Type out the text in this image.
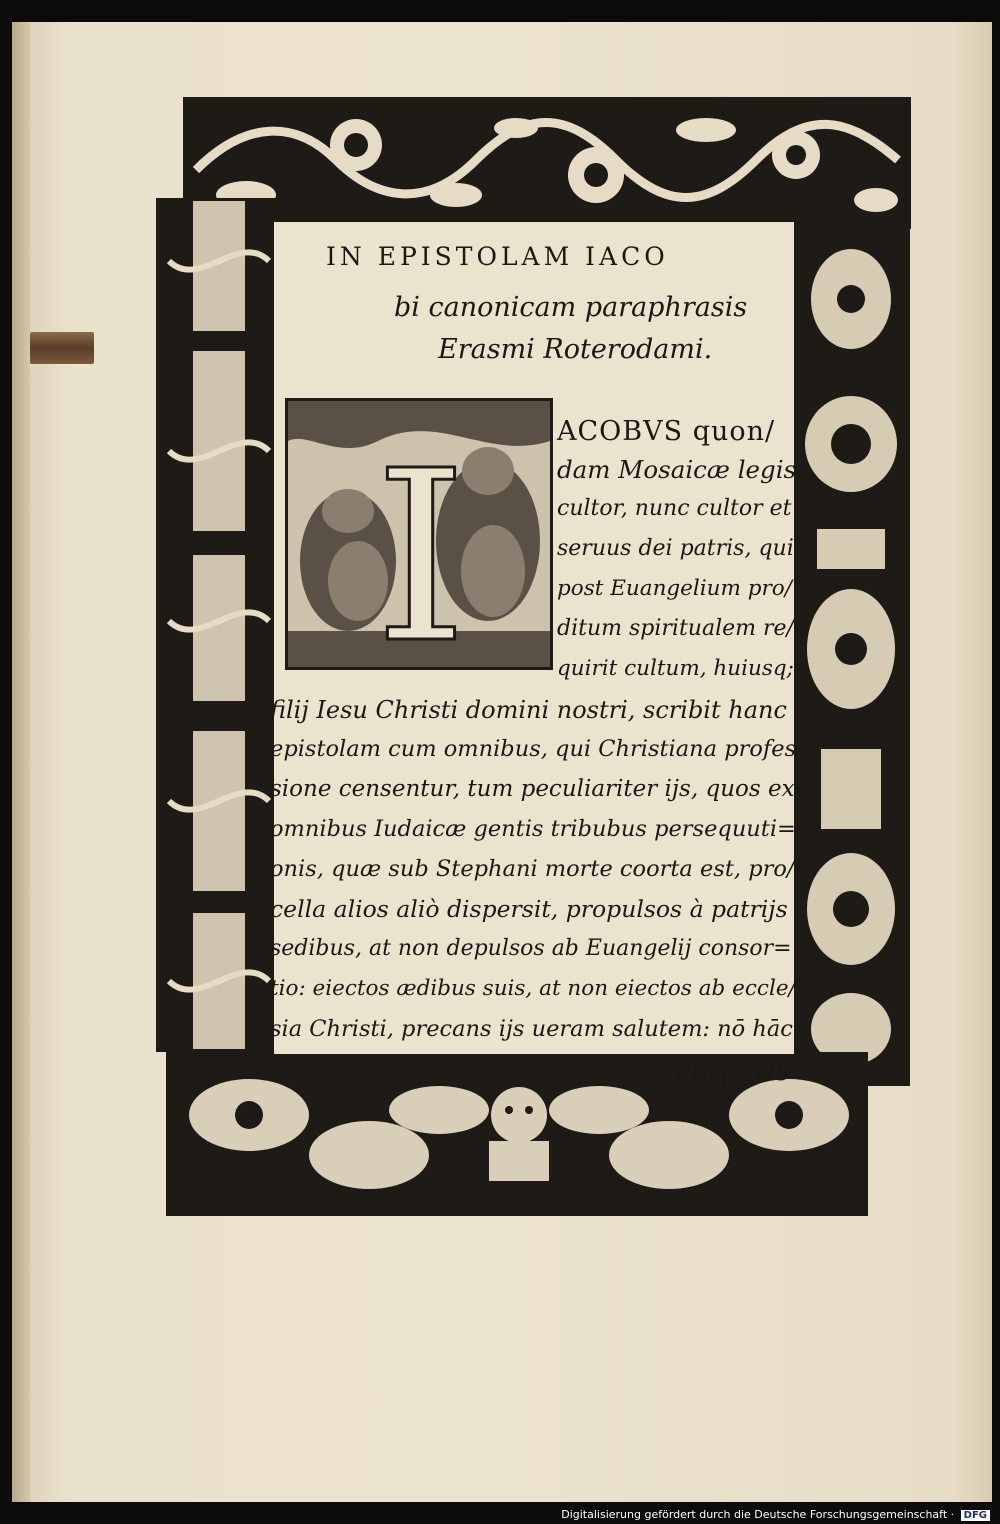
IN EPISTOLAM IACO
bi canonicam paraphrasis
Erasmi Roterodami.
I	ACOBVS quon/
dam Mosaicæ legis
cultor, nunc cultor et
seruus dei patris, qui
post Euangelium pro/
ditum spiritualem re/
quirit cultum, huiusq;
filij Iesu Christi domini nostri, scribit hanc
epistolam cum omnibus, qui Christiana profes
sione censentur, tum peculiariter ijs, quos ex
omnibus Iudaicæ gentis tribubus persequuti=
onis, quæ sub Stephani morte coorta est, pro/
cella alios aliò dispersit, propulsos à patrijs
sedibus, at non depulsos ab Euangelij consor=
tio: eiectos ædibus suis, at non eiectos ab eccle/
sia Christi, precans ijs ueram salutem: nō hāc
corporis
Digitalisierung gefördert durch die Deutsche Forschungsgemeinschaft · DFG
